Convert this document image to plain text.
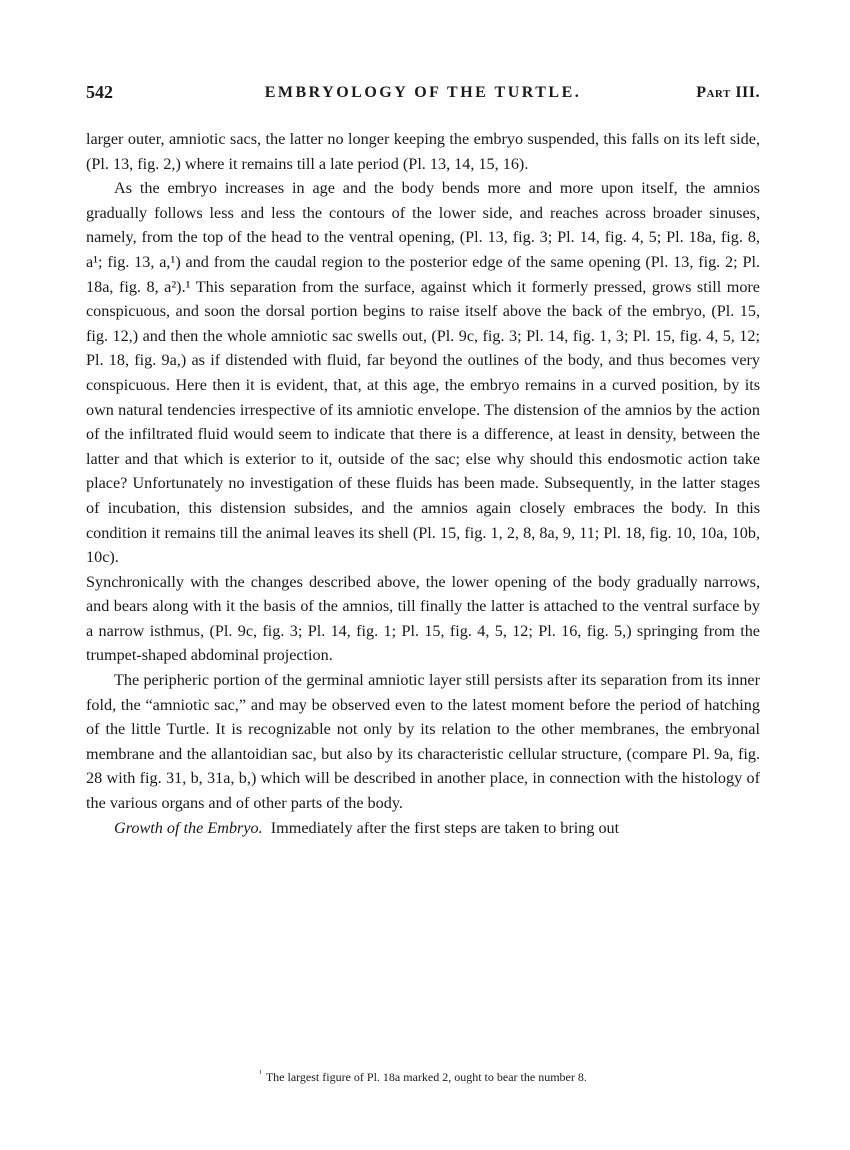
542	EMBRYOLOGY OF THE TURTLE.	Part III.

larger outer, amniotic sacs, the latter no longer keeping the embryo suspended, this falls on its left side, (Pl. 13, fig. 2,) where it remains till a late period (Pl. 13, 14, 15, 16).

As the embryo increases in age and the body bends more and more upon itself, the amnios gradually follows less and less the contours of the lower side, and reaches across broader sinuses, namely, from the top of the head to the ventral opening, (Pl. 13, fig. 3; Pl. 14, fig. 4, 5; Pl. 18a, fig. 8, a¹; fig. 13, a,¹) and from the caudal region to the posterior edge of the same opening (Pl. 13, fig. 2; Pl. 18a, fig. 8, a²).¹ This separation from the surface, against which it formerly pressed, grows still more conspicuous, and soon the dorsal portion begins to raise itself above the back of the embryo, (Pl. 15, fig. 12,) and then the whole amniotic sac swells out, (Pl. 9c, fig. 3; Pl. 14, fig. 1, 3; Pl. 15, fig. 4, 5, 12; Pl. 18, fig. 9a,) as if distended with fluid, far beyond the outlines of the body, and thus becomes very conspicuous. Here then it is evident, that, at this age, the embryo remains in a curved position, by its own natural tendencies irrespective of its amniotic envelope. The distension of the amnios by the action of the infiltrated fluid would seem to indicate that there is a difference, at least in density, between the latter and that which is exterior to it, outside of the sac; else why should this endosmotic action take place? Unfortunately no investigation of these fluids has been made. Subsequently, in the latter stages of incubation, this distension subsides, and the amnios again closely embraces the body. In this condition it remains till the animal leaves its shell (Pl. 15, fig. 1, 2, 8, 8a, 9, 11; Pl. 18, fig. 10, 10a, 10b, 10c).

Synchronically with the changes described above, the lower opening of the body gradually narrows, and bears along with it the basis of the amnios, till finally the latter is attached to the ventral surface by a narrow isthmus, (Pl. 9c, fig. 3; Pl. 14, fig. 1; Pl. 15, fig. 4, 5, 12; Pl. 16, fig. 5,) springing from the trumpet-shaped abdominal projection.

The peripheric portion of the germinal amniotic layer still persists after its separation from its inner fold, the “amniotic sac,” and may be observed even to the latest moment before the period of hatching of the little Turtle. It is recognizable not only by its relation to the other membranes, the embryonal membrane and the allantoidian sac, but also by its characteristic cellular structure, (compare Pl. 9a, fig. 28 with fig. 31, b, 31a, b,) which will be described in another place, in connection with the histology of the various organs and of other parts of the body.

Growth of the Embryo. Immediately after the first steps are taken to bring out

$^{^1}$ The largest figure of Pl. 18a marked 2, ought to bear the number 8.
